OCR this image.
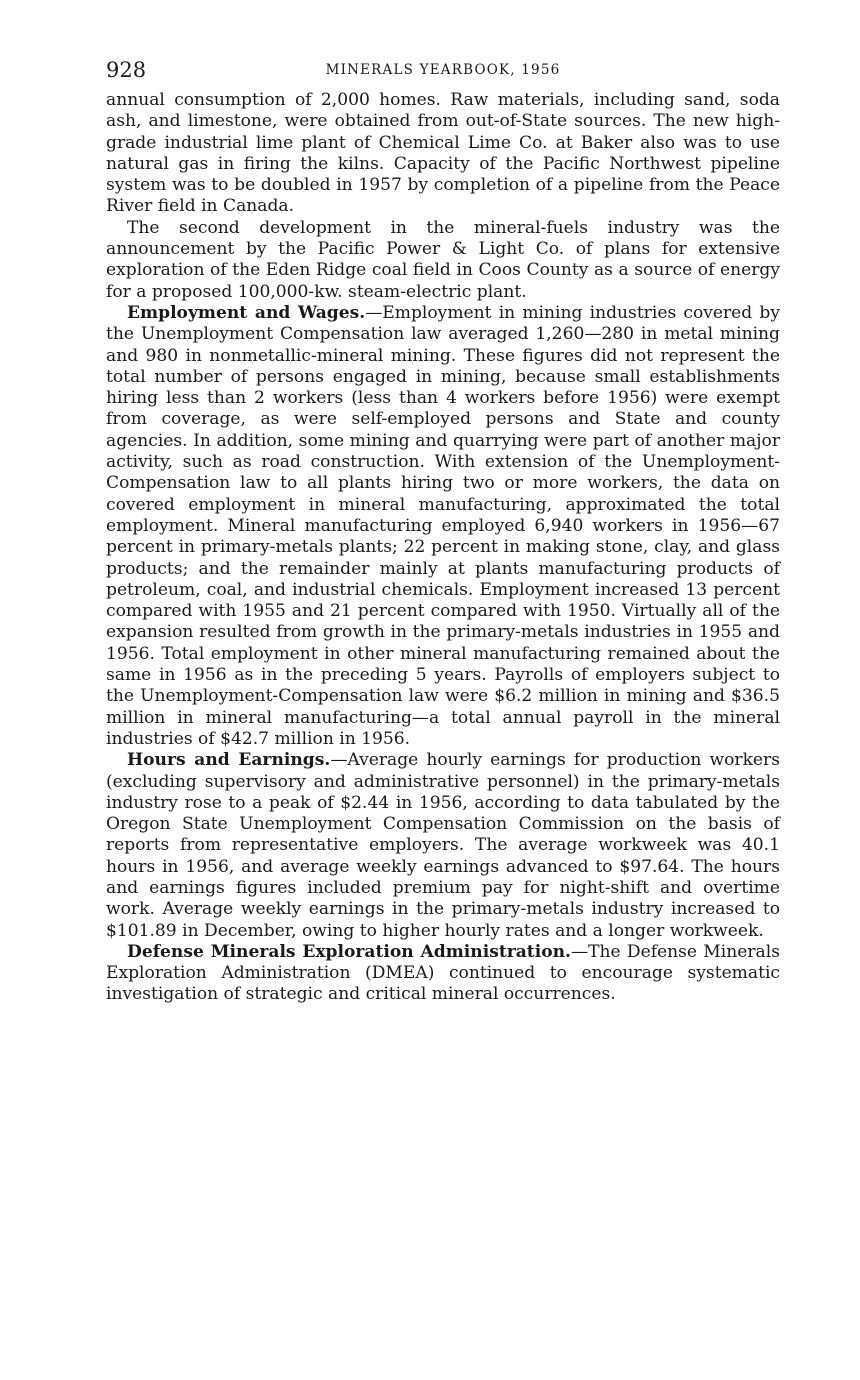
928	MINERALS YEARBOOK, 1956

annual consumption of 2,000 homes. Raw materials, including sand, soda ash, and limestone, were obtained from out-of-State sources. The new high-grade industrial lime plant of Chemical Lime Co. at Baker also was to use natural gas in firing the kilns. Capacity of the Pacific Northwest pipeline system was to be doubled in 1957 by completion of a pipeline from the Peace River field in Canada.

The second development in the mineral-fuels industry was the announcement by the Pacific Power & Light Co. of plans for extensive exploration of the Eden Ridge coal field in Coos County as a source of energy for a proposed 100,000-kw. steam-electric plant.

Employment and Wages.—Employment in mining industries covered by the Unemployment Compensation law averaged 1,260—280 in metal mining and 980 in nonmetallic-mineral mining. These figures did not represent the total number of persons engaged in mining, because small establishments hiring less than 2 workers (less than 4 workers before 1956) were exempt from coverage, as were self-employed persons and State and county agencies. In addition, some mining and quarrying were part of another major activity, such as road construction. With extension of the Unemployment-Compensation law to all plants hiring two or more workers, the data on covered employment in mineral manufacturing, approximated the total employment. Mineral manufacturing employed 6,940 workers in 1956—67 percent in primary-metals plants; 22 percent in making stone, clay, and glass products; and the remainder mainly at plants manufacturing products of petroleum, coal, and industrial chemicals. Employment increased 13 percent compared with 1955 and 21 percent compared with 1950. Virtually all of the expansion resulted from growth in the primary-metals industries in 1955 and 1956. Total employment in other mineral manufacturing remained about the same in 1956 as in the preceding 5 years. Payrolls of employers subject to the Unemployment-Compensation law were $6.2 million in mining and $36.5 million in mineral manufacturing—a total annual payroll in the mineral industries of $42.7 million in 1956.

Hours and Earnings.—Average hourly earnings for production workers (excluding supervisory and administrative personnel) in the primary-metals industry rose to a peak of $2.44 in 1956, according to data tabulated by the Oregon State Unemployment Compensation Commission on the basis of reports from representative employers. The average workweek was 40.1 hours in 1956, and average weekly earnings advanced to $97.64. The hours and earnings figures included premium pay for night-shift and overtime work. Average weekly earnings in the primary-metals industry increased to $101.89 in December, owing to higher hourly rates and a longer workweek.

Defense Minerals Exploration Administration.—The Defense Minerals Exploration Administration (DMEA) continued to encourage systematic investigation of strategic and critical mineral occurrences.
